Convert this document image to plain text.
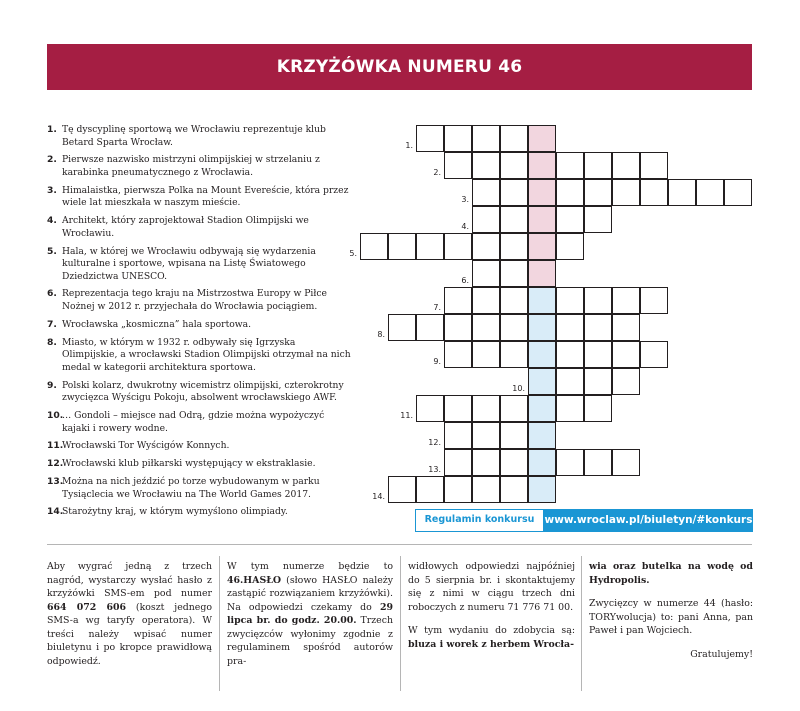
KRZYŻÓWKA NUMERU 46
1. Tę dyscyplinę sportową we Wrocławiu reprezentuje klub Betard Sparta Wrocław.
2. Pierwsze nazwisko mistrzyni olimpijskiej w strzelaniu z karabinka pneumatycznego z Wrocławia.
3. Himalaistka, pierwsza Polka na Mount Evereście, która przez wiele lat mieszkała w naszym mieście.
4. Architekt, który zaprojektował Stadion Olimpijski we Wrocławiu.
5. Hala, w której we Wrocławiu odbywają się wydarzenia kulturalne i sportowe, wpisana na Listę Światowego Dziedzictwa UNESCO.
6. Reprezentacja tego kraju na Mistrzostwa Europy w Piłce Nożnej w 2012 r. przyjechała do Wrocławia pociągiem.
7. Wrocławska „kosmiczna” hala sportowa.
8. Miasto, w którym w 1932 r. odbywały się Igrzyska Olimpijskie, a wrocławski Stadion Olimpijski otrzymał na nich medal w kategorii architektura sportowa.
9. Polski kolarz, dwukrotny wicemistrz olimpijski, czterokrotny zwycięzca Wyścigu Pokoju, absolwent wrocławskiego AWF.
10.
… Gondoli – miejsce nad Odrą, gdzie można wypożyczyć kajaki i rowery wodne.
11.
Wrocławski Tor Wyścigów Konnych.
12.
Wrocławski klub piłkarski występujący w ekstraklasie.
13.
Można na nich jeździć po torze wybudowanym w parku Tysiąclecia we Wrocławiu na The World Games 2017.
14.
Starożytny kraj, w którym wymyślono olimpiady.
1.
2.
3.
4.
5.
6.
7.
8.
9.
10.
11.
12.
13.
14.
Regulamin konkursu www.wroclaw.pl/biuletyn/#konkurs

Aby wygrać jedną z trzech nagród, wystarczy wysłać hasło z krzyżówki SMS-em pod numer 664 072 606 (koszt jednego SMS-a wg taryfy operatora). W treści należy wpisać numer biuletynu i po kropce prawidłową odpowiedź.

W tym numerze będzie to 46.HASŁO (słowo HASŁO należy zastąpić rozwiązaniem krzyżówki). Na odpowiedzi czekamy do 29 lipca br. do godz. 20.00. Trzech zwycięzców wyłonimy zgodnie z regulaminem spośród autorów pra-

widłowych odpowiedzi najpóźniej do 5 sierpnia br. i skontaktujemy się z nimi w ciągu trzech dni roboczych z numeru 71 776 71 00.

W tym wydaniu do zdobycia są: bluza i worek z herbem Wrocła-

wia oraz butelka na wodę od Hydropolis.

Zwycięzcy w numerze 44 (hasło: TORYwolucja) to: pani Anna, pan Paweł i pan Wojciech.

Gratulujemy!
